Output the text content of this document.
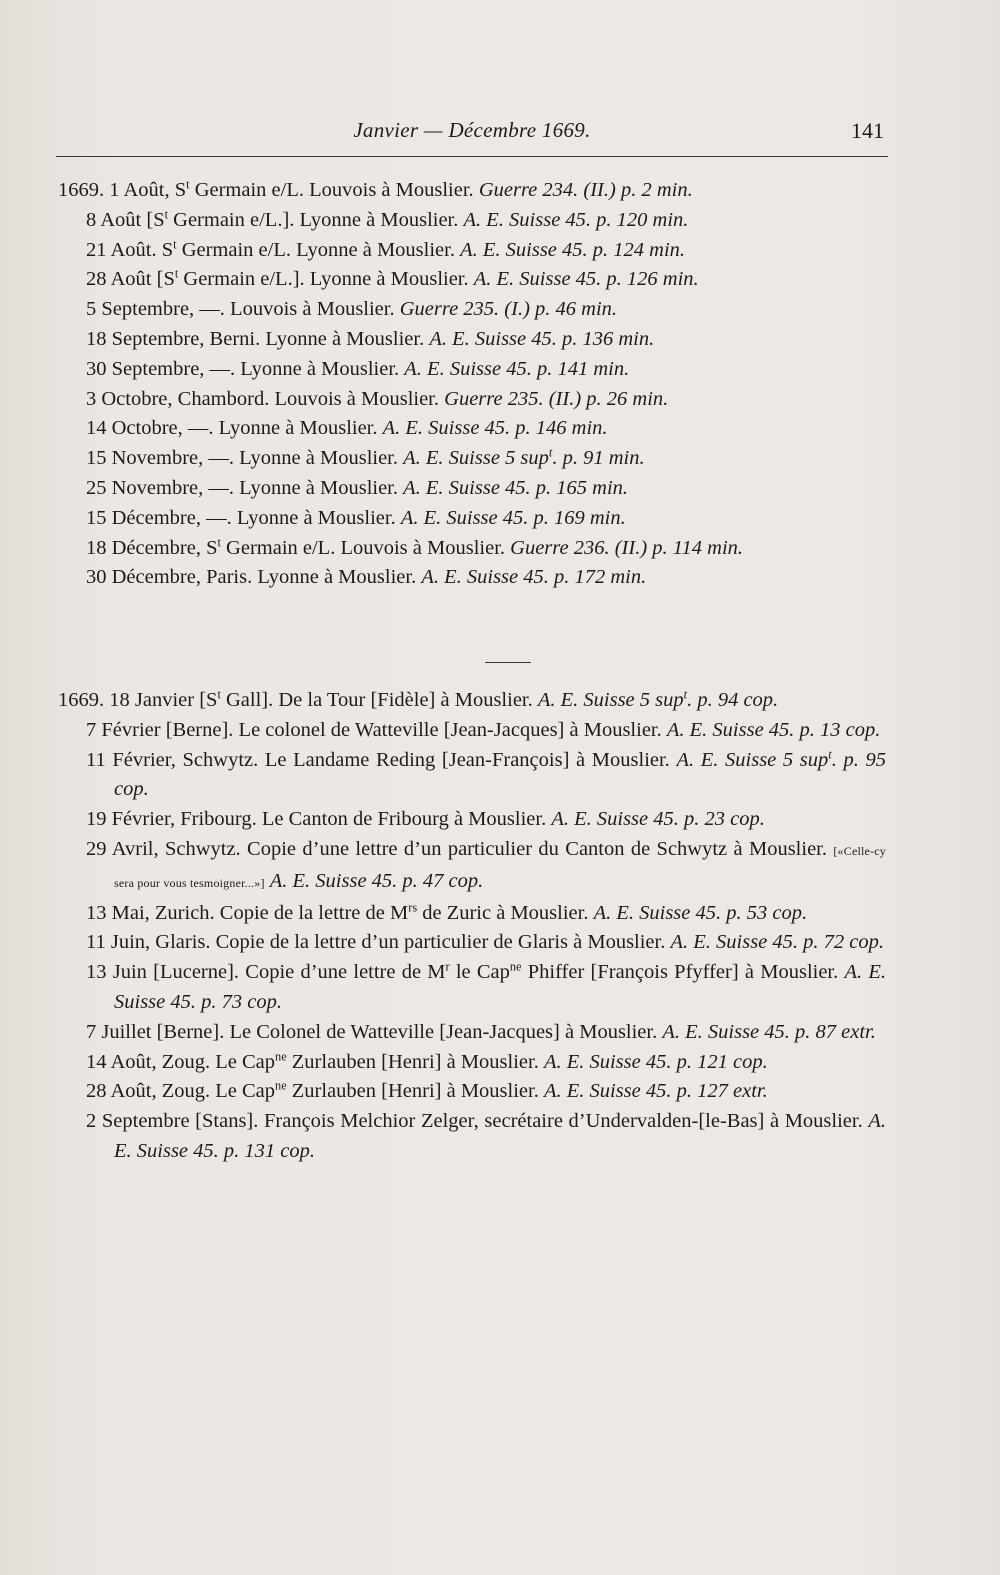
Janvier — Décembre 1669.	141
1669. 1 Août, $S^t$ Germain e/L. Louvois à Mouslier. Guerre 234. (II.) p. 2 min.
8 Août [$S^t$ Germain e/L.]. Lyonne à Mouslier. A. E. Suisse 45. p. 120 min.
21 Août. $S^t$ Germain e/L. Lyonne à Mouslier. A. E. Suisse 45. p. 124 min.
28 Août [$S^t$ Germain e/L.]. Lyonne à Mouslier. A. E. Suisse 45. p. 126 min.
5 Septembre, —. Louvois à Mouslier. Guerre 235. (I.) p. 46 min.
18 Septembre, Berni. Lyonne à Mouslier. A. E. Suisse 45. p. 136 min.
30 Septembre, —. Lyonne à Mouslier. A. E. Suisse 45. p. 141 min.
3 Octobre, Chambord. Louvois à Mouslier. Guerre 235. (II.) p. 26 min.
14 Octobre, —. Lyonne à Mouslier. A. E. Suisse 45. p. 146 min.
15 Novembre, —. Lyonne à Mouslier. A. E. Suisse 5 sup$^t$. p. 91 min.
25 Novembre, —. Lyonne à Mouslier. A. E. Suisse 45. p. 165 min.
15 Décembre, —. Lyonne à Mouslier. A. E. Suisse 45. p. 169 min.
18 Décembre, $S^t$ Germain e/L. Louvois à Mouslier. Guerre 236. (II.) p. 114 min.
30 Décembre, Paris. Lyonne à Mouslier. A. E. Suisse 45. p. 172 min.
1669. 18 Janvier [$S^t$ Gall]. De la Tour [Fidèle] à Mouslier. A. E. Suisse 5 sup$^t$. p. 94 cop.
7 Février [Berne]. Le colonel de Watteville [Jean-Jacques] à Mouslier. A. E. Suisse 45. p. 13 cop.
11 Février, Schwytz. Le Landame Reding [Jean-François] à Mouslier. A. E. Suisse 5 sup$^t$. p. 95 cop.
19 Février, Fribourg. Le Canton de Fribourg à Mouslier. A. E. Suisse 45. p. 23 cop.
29 Avril, Schwytz. Copie d’une lettre d’un particulier du Canton de Schwytz à Mouslier. [«Celle-cy sera pour vous tesmoigner...»] A. E. Suisse 45. p. 47 cop.
13 Mai, Zurich. Copie de la lettre de $M^{rs}$ de Zuric à Mouslier. A. E. Suisse 45. p. 53 cop.
11 Juin, Glaris. Copie de la lettre d’un particulier de Glaris à Mouslier. A. E. Suisse 45. p. 72 cop.
13 Juin [Lucerne]. Copie d’une lettre de $M^r$ le Cap$^{ne}$ Phiffer [François Pfyffer] à Mouslier. A. E. Suisse 45. p. 73 cop.
7 Juillet [Berne]. Le Colonel de Watteville [Jean-Jacques] à Mouslier. A. E. Suisse 45. p. 87 extr.
14 Août, Zoug. Le Cap$^{ne}$ Zurlauben [Henri] à Mouslier. A. E. Suisse 45. p. 121 cop.
28 Août, Zoug. Le Cap$^{ne}$ Zurlauben [Henri] à Mouslier. A. E. Suisse 45. p. 127 extr.
2 Septembre [Stans]. François Melchior Zelger, secrétaire d’Undervalden-[le-Bas] à Mouslier. A. E. Suisse 45. p. 131 cop.
